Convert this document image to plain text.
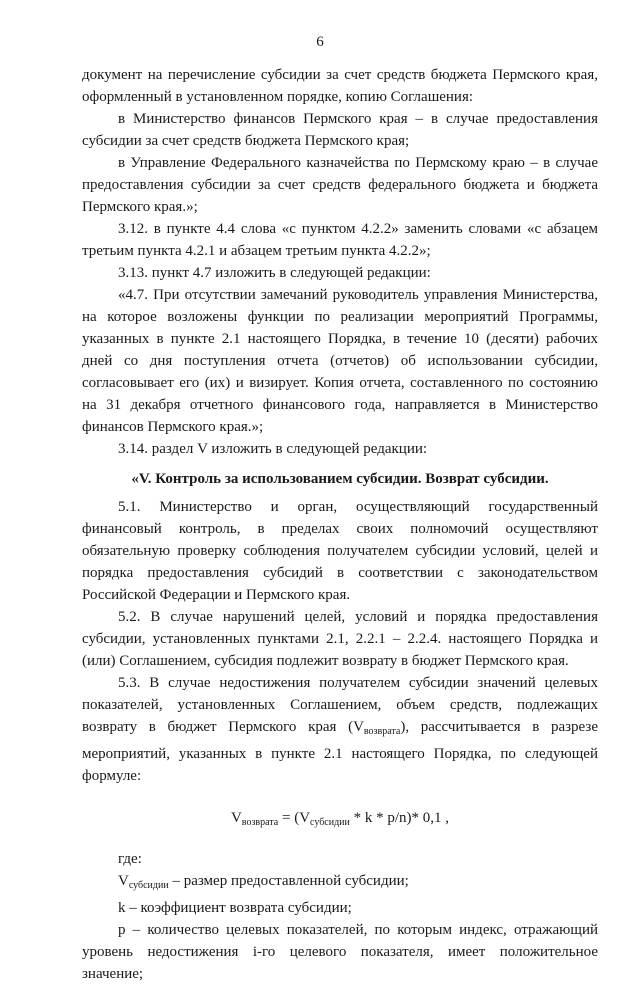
6

документ на перечисление субсидии за счет средств бюджета Пермского края, оформленный в установленном порядке, копию Соглашения:

в Министерство финансов Пермского края – в случае предоставления субсидии за счет средств бюджета Пермского края;

в Управление Федерального казначейства по Пермскому краю – в случае предоставления субсидии за счет средств федерального бюджета и бюджета Пермского края.»;

3.12. в пункте 4.4 слова «с пунктом 4.2.2» заменить словами «с абзацем третьим пункта 4.2.1 и абзацем третьим пункта 4.2.2»;

3.13. пункт 4.7 изложить в следующей редакции:

«4.7. При отсутствии замечаний руководитель управления Министерства, на которое возложены функции по реализации мероприятий Программы, указанных в пункте 2.1 настоящего Порядка, в течение 10 (десяти) рабочих дней со дня поступления отчета (отчетов) об использовании субсидии, согласовывает его (их) и визирует. Копия отчета, составленного по состоянию на 31 декабря отчетного финансового года, направляется в Министерство финансов Пермского края.»;

3.14. раздел V изложить в следующей редакции:

«V. Контроль за использованием субсидии. Возврат субсидии.

5.1. Министерство и орган, осуществляющий государственный финансовый контроль, в пределах своих полномочий осуществляют обязательную проверку соблюдения получателем субсидии условий, целей и порядка предоставления субсидий в соответствии с законодательством Российской Федерации и Пермского края.

5.2. В случае нарушений целей, условий и порядка предоставления субсидии, установленных пунктами 2.1, 2.2.1 – 2.2.4. настоящего Порядка и (или) Соглашением, субсидия подлежит возврату в бюджет Пермского края.

5.3. В случае недостижения получателем субсидии значений целевых показателей, установленных Соглашением, объем средств, подлежащих возврату в бюджет Пермского края $(V_{возврата})$, рассчитывается в разрезе мероприятий, указанных в пункте 2.1 настоящего Порядка, по следующей формуле:

$V_{возврата} = (V_{субсидии} * k * p/n)*$ 0,1 ,

где:

$V_{субсидии}$ – размер предоставленной субсидии;

k – коэффициент возврата субсидии;

p – количество целевых показателей, по которым индекс, отражающий уровень недостижения i-го целевого показателя, имеет положительное значение;
